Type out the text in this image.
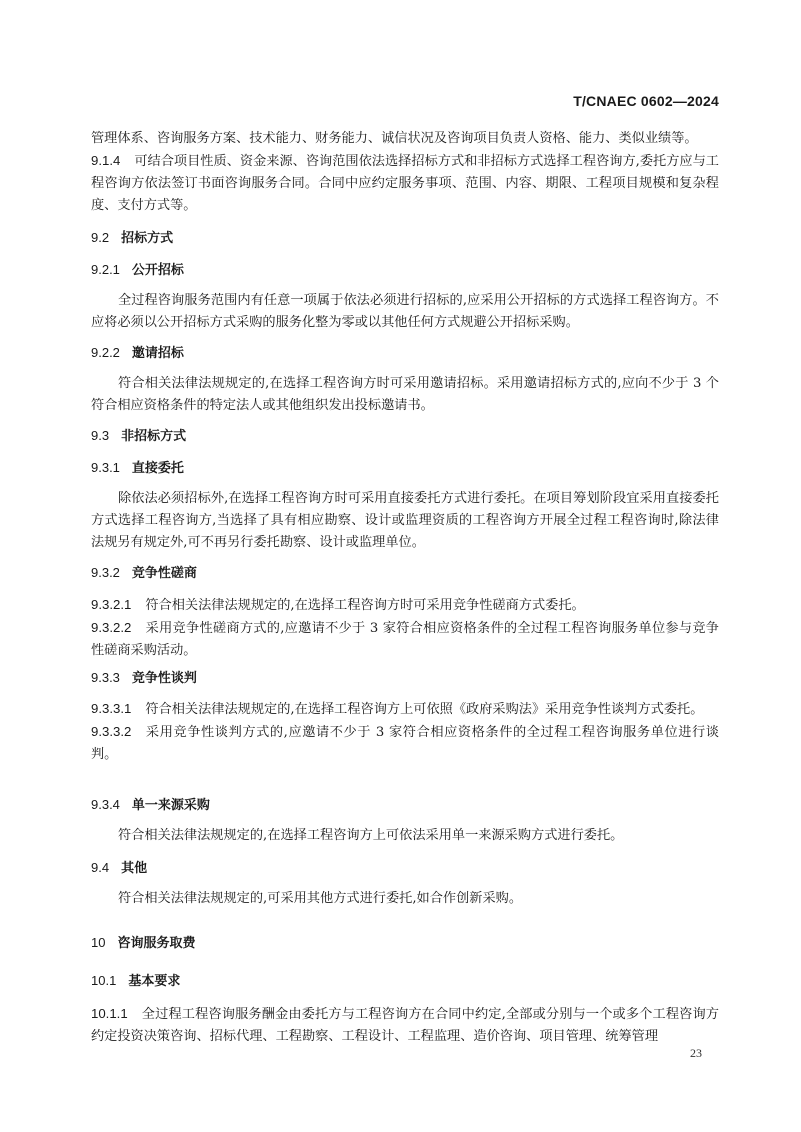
T/CNAEC 0602—2024
管理体系、咨询服务方案、技术能力、财务能力、诚信状况及咨询项目负责人资格、能力、类似业绩等。
9.1.4 可结合项目性质、资金来源、咨询范围依法选择招标方式和非招标方式选择工程咨询方,委托方应与工程咨询方依法签订书面咨询服务合同。合同中应约定服务事项、范围、内容、期限、工程项目规模和复杂程度、支付方式等。
9.2 招标方式
9.2.1 公开招标
全过程咨询服务范围内有任意一项属于依法必须进行招标的,应采用公开招标的方式选择工程咨询方。不应将必须以公开招标方式采购的服务化整为零或以其他任何方式规避公开招标采购。
9.2.2 邀请招标
符合相关法律法规规定的,在选择工程咨询方时可采用邀请招标。采用邀请招标方式的,应向不少于 3 个符合相应资格条件的特定法人或其他组织发出投标邀请书。
9.3 非招标方式
9.3.1 直接委托
除依法必须招标外,在选择工程咨询方时可采用直接委托方式进行委托。在项目筹划阶段宜采用直接委托方式选择工程咨询方,当选择了具有相应勘察、设计或监理资质的工程咨询方开展全过程工程咨询时,除法律法规另有规定外,可不再另行委托勘察、设计或监理单位。
9.3.2 竞争性磋商
9.3.2.1 符合相关法律法规规定的,在选择工程咨询方时可采用竞争性磋商方式委托。
9.3.2.2 采用竞争性磋商方式的,应邀请不少于 3 家符合相应资格条件的全过程工程咨询服务单位参与竞争性磋商采购活动。
9.3.3 竞争性谈判
9.3.3.1 符合相关法律法规规定的,在选择工程咨询方上可依照《政府采购法》采用竞争性谈判方式委托。
9.3.3.2 采用竞争性谈判方式的,应邀请不少于 3 家符合相应资格条件的全过程工程咨询服务单位进行谈判。
9.3.4 单一来源采购
符合相关法律法规规定的,在选择工程咨询方上可依法采用单一来源采购方式进行委托。
9.4 其他
符合相关法律法规规定的,可采用其他方式进行委托,如合作创新采购。
10 咨询服务取费
10.1 基本要求
10.1.1 全过程工程咨询服务酬金由委托方与工程咨询方在合同中约定,全部或分别与一个或多个工程咨询方约定投资决策咨询、招标代理、工程勘察、工程设计、工程监理、造价咨询、项目管理、统筹管理
23
